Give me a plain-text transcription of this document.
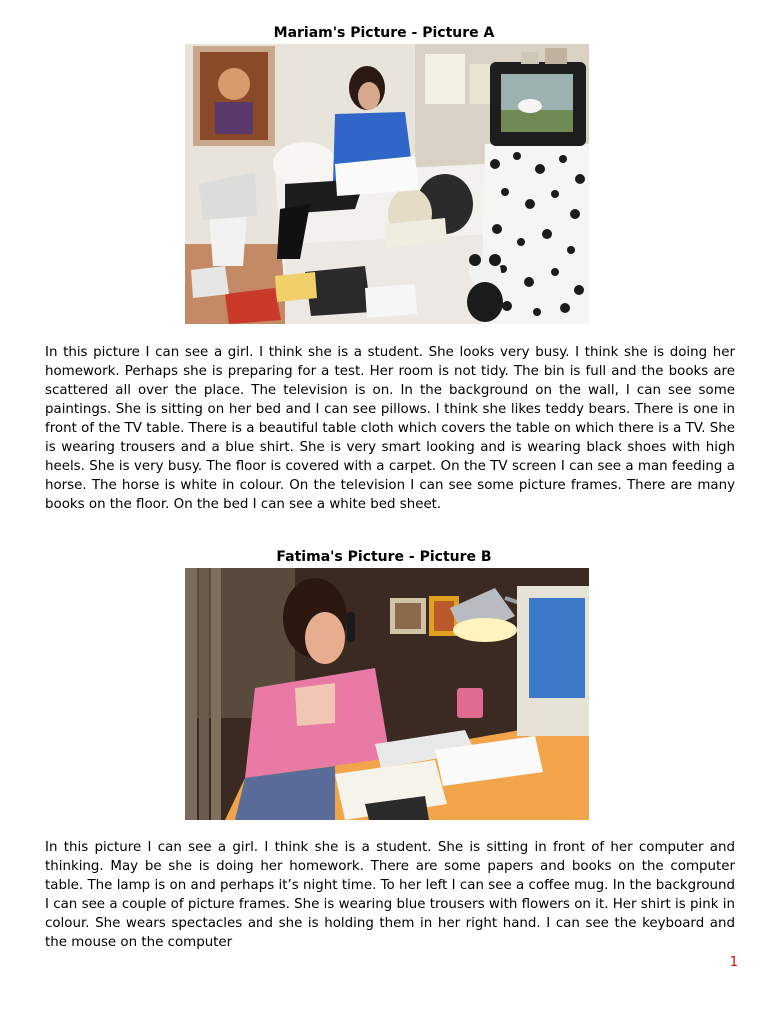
Mariam's Picture - Picture A

In this picture I can see a girl. I think she is a student. She looks very busy. I think she is doing her homework. Perhaps she is preparing for a test. Her room is not tidy. The bin is full and the books are scattered all over the place. The television is on. In the background on the wall, I can see some paintings. She is sitting on her bed and I can see pillows. I think she likes teddy bears. There is one in front of the TV table. There is a beautiful table cloth which covers the table on which there is a TV. She is wearing trousers and a blue shirt. She is very smart looking and is wearing black shoes with high heels. She is very busy. The floor is covered with a carpet. On the TV screen I can see a man feeding a horse. The horse is white in colour. On the television I can see some picture frames. There are many books on the floor. On the bed I can see a white bed sheet.

Fatima's Picture - Picture B

In this picture I can see a girl. I think she is a student. She is sitting in front of her computer and thinking. May be she is doing her homework. There are some papers and books on the computer table. The lamp is on and perhaps it’s night time. To her left I can see a coffee mug. In the background I can see a couple of picture frames. She is wearing blue trousers with flowers on it. Her shirt is pink in colour. She wears spectacles and she is holding them in her right hand. I can see the keyboard and the mouse on the computer

1
